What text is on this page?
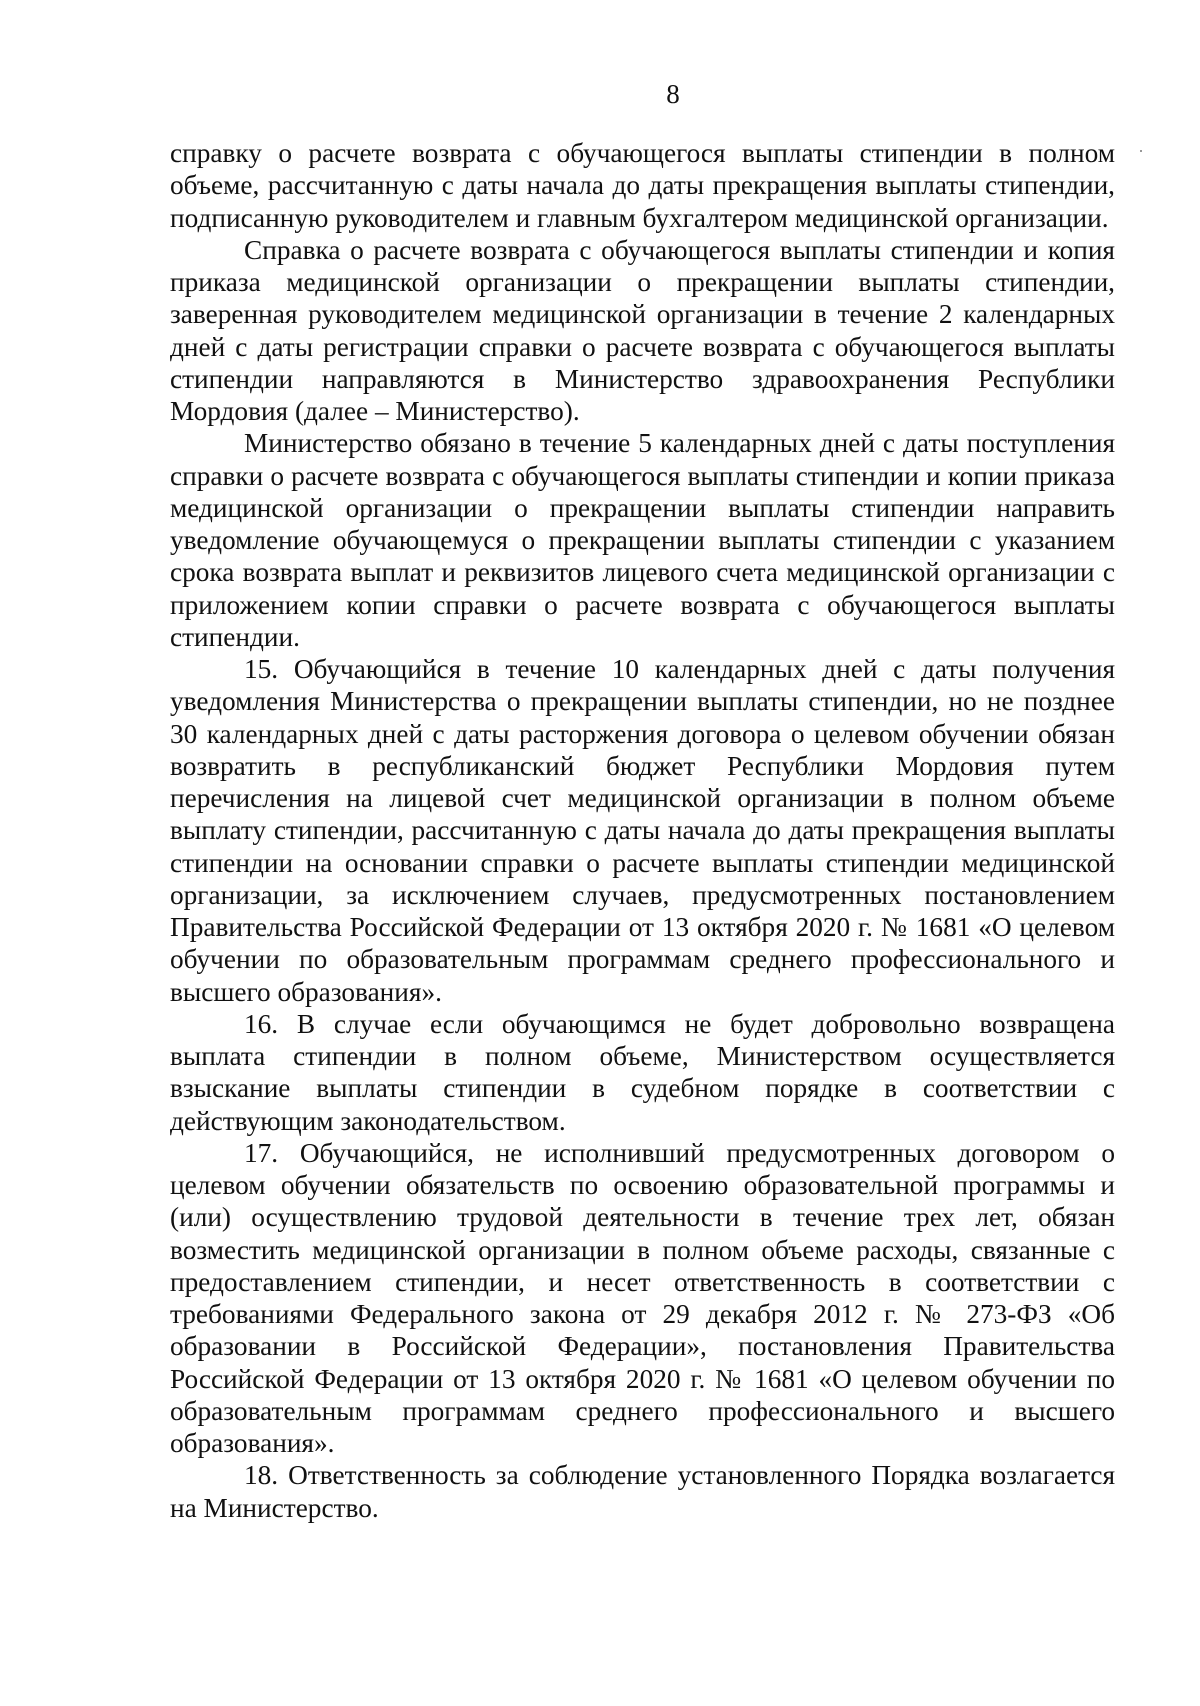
8

справку о расчете возврата с обучающегося выплаты стипендии в полном объеме, рассчитанную с даты начала до даты прекращения выплаты стипендии, подписанную руководителем и главным бухгалтером медицинской организации.

Справка о расчете возврата с обучающегося выплаты стипендии и копия приказа медицинской организации о прекращении выплаты стипендии, заверенная руководителем медицинской организации в течение 2 календарных дней с даты регистрации справки о расчете возврата с обучающегося выплаты стипендии направляются в Министерство здравоохранения Республики Мордовия (далее – Министерство).

Министерство обязано в течение 5 календарных дней с даты поступления справки о расчете возврата с обучающегося выплаты стипендии и копии приказа медицинской организации о прекращении выплаты стипендии направить уведомление обучающемуся о прекращении выплаты стипендии с указанием срока возврата выплат и реквизитов лицевого счета медицинской организации с приложением копии справки о расчете возврата с обучающегося выплаты стипендии.

15. Обучающийся в течение 10 календарных дней с даты получения уведомления Министерства о прекращении выплаты стипендии, но не позднее 30 календарных дней с даты расторжения договора о целевом обучении обязан возвратить в республиканский бюджет Республики Мордовия путем перечисления на лицевой счет медицинской организации в полном объеме выплату стипендии, рассчитанную с даты начала до даты прекращения выплаты стипендии на основании справки о расчете выплаты стипендии медицинской организации, за исключением случаев, предусмотренных постановлением Правительства Российской Федерации от 13 октября 2020 г. № 1681 «О целевом обучении по образовательным программам среднего профессионального и высшего образования».

16. В случае если обучающимся не будет добровольно возвращена выплата стипендии в полном объеме, Министерством осуществляется взыскание выплаты стипендии в судебном порядке в соответствии с действующим законодательством.

17. Обучающийся, не исполнивший предусмотренных договором о целевом обучении обязательств по освоению образовательной программы и (или) осуществлению трудовой деятельности в течение трех лет, обязан возместить медицинской организации в полном объеме расходы, связанные с предоставлением стипендии, и несет ответственность в соответствии с требованиями Федерального закона от 29 декабря 2012 г. № 273-ФЗ «Об образовании в Российской Федерации», постановления Правительства Российской Федерации от 13 октября 2020 г. № 1681 «О целевом обучении по образовательным программам среднего профессионального и высшего образования».

18. Ответственность за соблюдение установленного Порядка возлагается на Министерство.
